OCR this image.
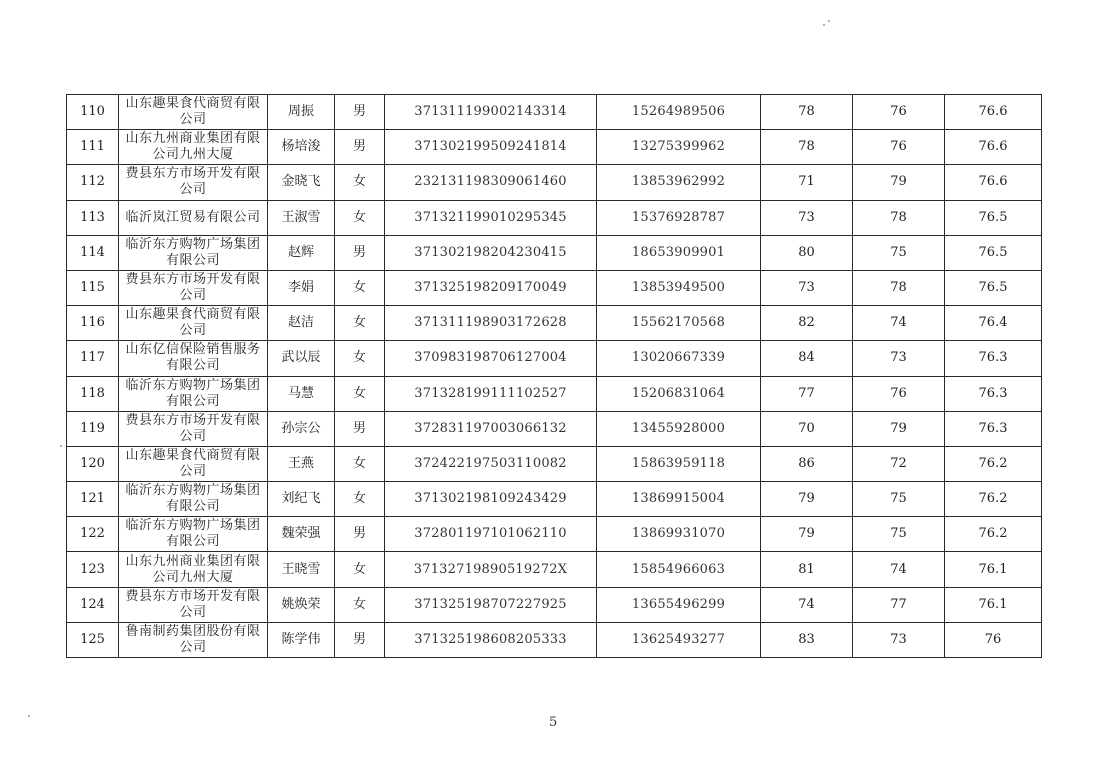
110	山东趣果食代商贸有限公司	周振	男	371311199002143314	15264989506	78	76	76.6
111	山东九州商业集团有限公司九州大厦	杨培浚	男	371302199509241814	13275399962	78	76	76.6
112	费县东方市场开发有限公司	金晓飞	女	232131198309061460	13853962992	71	79	76.6
113	临沂岚江贸易有限公司	王淑雪	女	371321199010295345	15376928787	73	78	76.5
114	临沂东方购物广场集团有限公司	赵辉	男	371302198204230415	18653909901	80	75	76.5
115	费县东方市场开发有限公司	李娟	女	371325198209170049	13853949500	73	78	76.5
116	山东趣果食代商贸有限公司	赵洁	女	371311198903172628	15562170568	82	74	76.4
117	山东亿信保险销售服务有限公司	武以辰	女	370983198706127004	13020667339	84	73	76.3
118	临沂东方购物广场集团有限公司	马慧	女	371328199111102527	15206831064	77	76	76.3
119	费县东方市场开发有限公司	孙宗公	男	372831197003066132	13455928000	70	79	76.3
120	山东趣果食代商贸有限公司	王燕	女	372422197503110082	15863959118	86	72	76.2
121	临沂东方购物广场集团有限公司	刘纪飞	女	371302198109243429	13869915004	79	75	76.2
122	临沂东方购物广场集团有限公司	魏荣强	男	372801197101062110	13869931070	79	75	76.2
123	山东九州商业集团有限公司九州大厦	王晓雪	女	37132719890519272X	15854966063	81	74	76.1
124	费县东方市场开发有限公司	姚焕荣	女	371325198707227925	13655496299	74	77	76.1
125	鲁南制药集团股份有限公司	陈学伟	男	371325198608205333	13625493277	83	73	76
5
